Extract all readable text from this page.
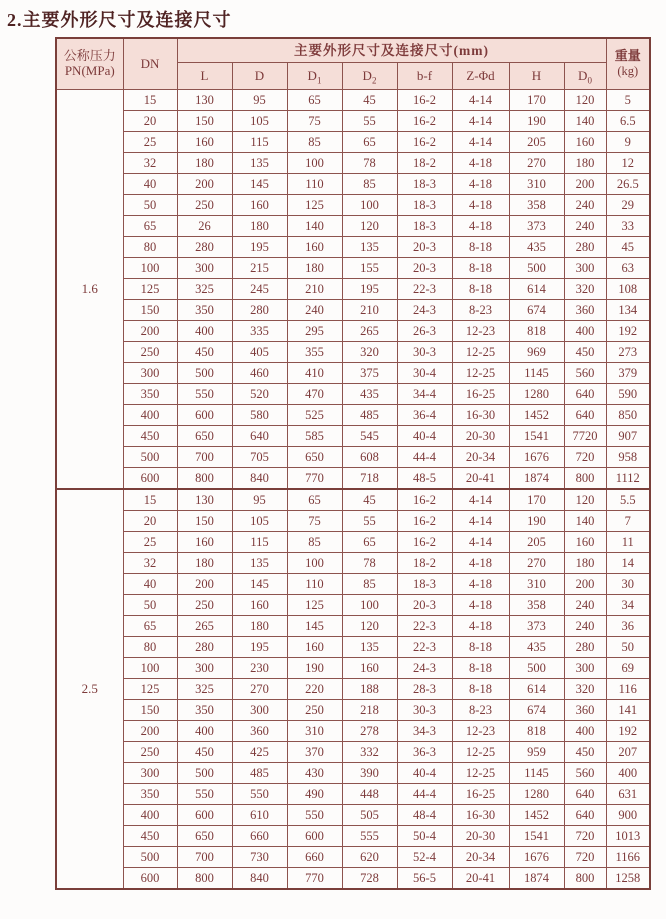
2.主要外形尺寸及连接尺寸
公称压力
PN(MPa)	DN	主要外形尺寸及连接尺寸(mm)								重量
(kg)

		L	D	$D_1$	$D_2$	b-f	Z-Φd	H	$D_0$
1.6	15	130	95	65	45	16-2	4-14	170	120	5
	20	150	105	75	55	16-2	4-14	190	140	6.5
	25	160	115	85	65	16-2	4-14	205	160	9
	32	180	135	100	78	18-2	4-18	270	180	12
	40	200	145	110	85	18-3	4-18	310	200	26.5
	50	250	160	125	100	18-3	4-18	358	240	29
	65	26	180	140	120	18-3	4-18	373	240	33
	80	280	195	160	135	20-3	8-18	435	280	45
	100	300	215	180	155	20-3	8-18	500	300	63
	125	325	245	210	195	22-3	8-18	614	320	108
	150	350	280	240	210	24-3	8-23	674	360	134
	200	400	335	295	265	26-3	12-23	818	400	192
	250	450	405	355	320	30-3	12-25	969	450	273
	300	500	460	410	375	30-4	12-25	1145	560	379
	350	550	520	470	435	34-4	16-25	1280	640	590
	400	600	580	525	485	36-4	16-30	1452	640	850
	450	650	640	585	545	40-4	20-30	1541	7720	907
	500	700	705	650	608	44-4	20-34	1676	720	958
	600	800	840	770	718	48-5	20-41	1874	800	1112
2.5	15	130	95	65	45	16-2	4-14	170	120	5.5
	20	150	105	75	55	16-2	4-14	190	140	7
	25	160	115	85	65	16-2	4-14	205	160	11
	32	180	135	100	78	18-2	4-18	270	180	14
	40	200	145	110	85	18-3	4-18	310	200	30
	50	250	160	125	100	20-3	4-18	358	240	34
	65	265	180	145	120	22-3	4-18	373	240	36
	80	280	195	160	135	22-3	8-18	435	280	50
	100	300	230	190	160	24-3	8-18	500	300	69
	125	325	270	220	188	28-3	8-18	614	320	116
	150	350	300	250	218	30-3	8-23	674	360	141
	200	400	360	310	278	34-3	12-23	818	400	192
	250	450	425	370	332	36-3	12-25	959	450	207
	300	500	485	430	390	40-4	12-25	1145	560	400
	350	550	550	490	448	44-4	16-25	1280	640	631
	400	600	610	550	505	48-4	16-30	1452	640	900
	450	650	660	600	555	50-4	20-30	1541	720	1013
	500	700	730	660	620	52-4	20-34	1676	720	1166
	600	800	840	770	728	56-5	20-41	1874	800	1258
